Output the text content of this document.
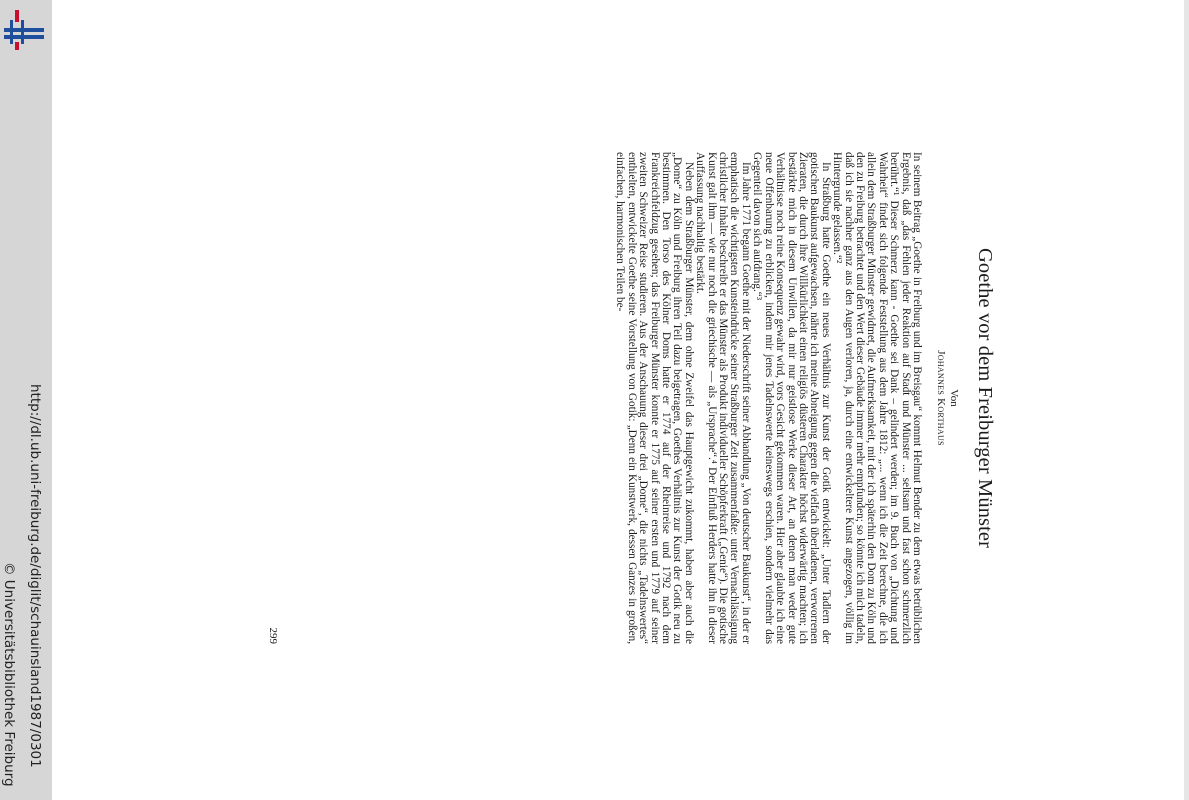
http://dl.ub.uni-freiburg.de/diglit/schauinsland1987/0301
© Universitätsbibliothek Freiburg
Goethe vor dem Freiburger Münster
Von
Johannes Korthaus

In seinem Beitrag „Goethe in Freiburg und im Breisgau“ kommt Helmut Bender zu dem etwas betrüblichen Ergebnis, daß „das Fehlen jeder Reaktion auf Stadt und Münster ... seltsam und fast schon schmerzlich berührt.“¹ Dieser Schmerz kann - Goethe sei Dank – gelindert werden; im 9. Buch von „Dichtung und Wahrheit“ findet sich folgende Feststellung aus dem Jahre 1812: „... wenn ich die Zeit berechne, die ich allein dem Straßburger Münster gewidmet, die Aufmerksamkeit, mit der ich späterhin den Dom zu Köln und den zu Freiburg betrachtet und den Wert dieser Gebäude immer mehr empfunden; so könnte ich mich tadeln, daß ich sie nachher ganz aus den Augen verloren, ja, durch eine entwickeltere Kunst angezogen, völlig im Hintergrunde gelassen.“²

In Straßburg hatte Goethe ein neues Verhältnis zur Kunst der Gotik entwickelt: „Unter Tadlern der gotischen Baukunst aufgewachsen, nährte ich meine Abneigung gegen die vielfach überladenen, verworrenen Zieraten, die durch ihre Willkürlichkeit einen religiös düsteren Charakter höchst widerwärtig machten; ich bestärkte mich in diesem Unwillen, da mir nur geistlose Werke dieser Art, an denen man weder gute Verhältnisse noch reine Konsequenz gewahr wird, vors Gesicht gekommen waren. Hier aber glaubte ich eine neue Offenbarung zu erblicken, indem mir jenes Tadelnswerte keineswegs erschien, sondern vielmehr das Gegenteil davon sich aufdrang.“³

Im Jahre 1771 begann Goethe mit der Niederschrift seiner Abhandlung „Von deutscher Baukunst“, in der er emphatisch die wichtigsten Kunsteindrücke seiner Straßburger Zeit zusammenfaßte: unter Vernachlässigung christlicher Inhalte beschreibt er das Münster als Produkt individueller Schöpferkraft („Genie“). Die gotische Kunst galt ihm — wie nur noch die griechische — als „Ursprache“.⁴ Der Einfluß Herders hatte ihn in dieser Auffassung nachhaltig bestärkt.

Neben dem Straßburger Münster, dem ohne Zweifel das Hauptgewicht zukommt, haben aber auch die „Dome“ zu Köln und Freiburg ihren Teil dazu beigetragen, Goethes Verhältnis zur Kunst der Gotik neu zu bestimmen. Den Torso des Kölner Doms hatte er 1774 auf der Rheinreise und 1792 nach dem Frankreichfeldzug gesehen; das Freiburger Münster konnte er 1775 auf seiner ersten und 1779 auf seiner zweiten Schweizer Reise studieren. Aus der Anschauung dieser drei „Dome“, die nichts „Tadelnswertes“ enthielten, entwickelte Goethe seine Vorstellung von Gotik: „Denn ein Kunstwerk, dessen Ganzes in großen, einfachen, harmonischen Teilen be-

299
